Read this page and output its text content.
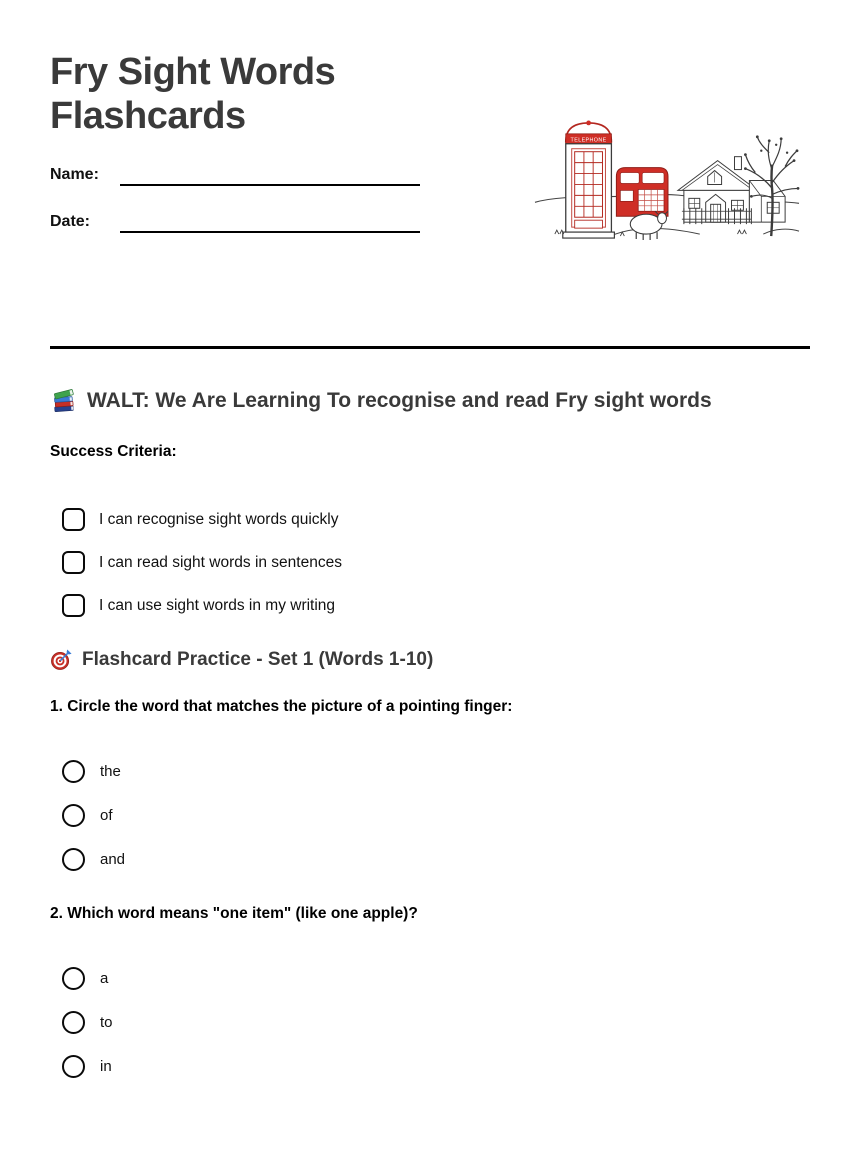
Fry Sight Words Flashcards
Name:
Date:
TELEPHONE
WALT: We Are Learning To recognise and read Fry sight words
Success Criteria:
I can recognise sight words quickly
I can read sight words in sentences
I can use sight words in my writing
Flashcard Practice - Set 1 (Words 1-10)
1. Circle the word that matches the picture of a pointing finger:
the
of
and
2. Which word means "one item" (like one apple)?
a
to
in
